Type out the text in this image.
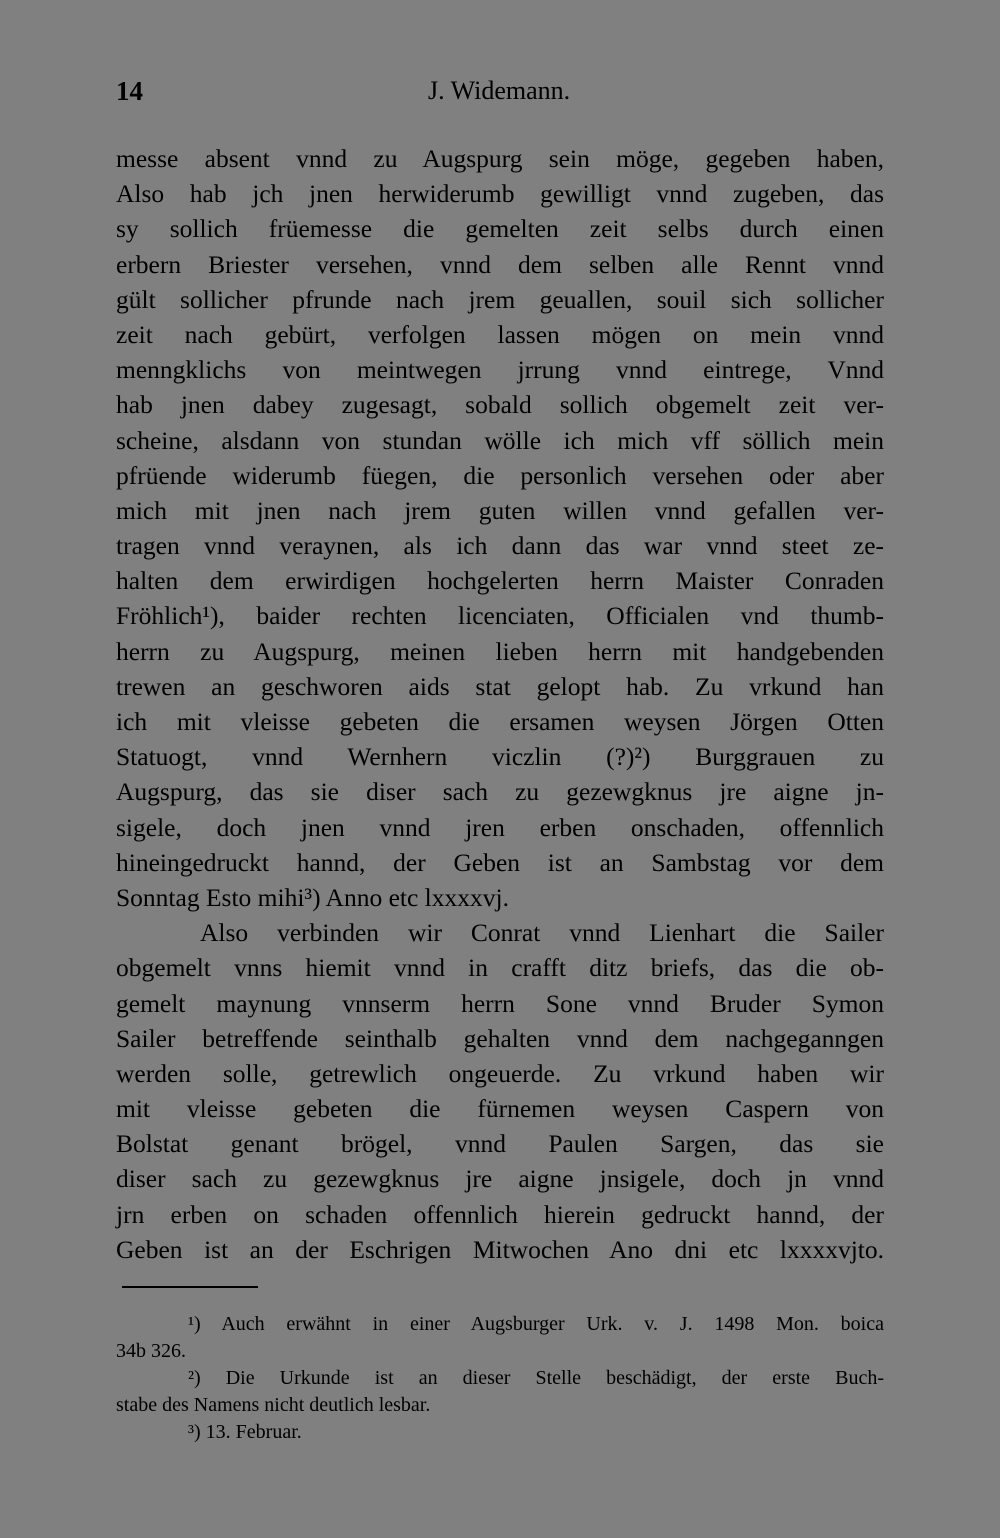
14	J. Widemann.
messe absent vnnd zu Augspurg sein möge, gegeben haben,
Also hab jch jnen herwiderumb gewilligt vnnd zugeben, das
sy sollich früemesse die gemelten zeit selbs durch einen
erbern Briester versehen, vnnd dem selben alle Rennt vnnd
gült sollicher pfrunde nach jrem geuallen, souil sich sollicher
zeit nach gebürt, verfolgen lassen mögen on mein vnnd
menngklichs von meintwegen jrrung vnnd eintrege, Vnnd
hab jnen dabey zugesagt, sobald sollich obgemelt zeit ver-
scheine, alsdann von stundan wölle ich mich vff söllich mein
pfrüende widerumb füegen, die personlich versehen oder aber
mich mit jnen nach jrem guten willen vnnd gefallen ver-
tragen vnnd veraynen, als ich dann das war vnnd steet ze-
halten dem erwirdigen hochgelerten herrn Maister Conraden
Fröhlich¹), baider rechten licenciaten, Officialen vnd thumb-
herrn zu Augspurg, meinen lieben herrn mit handgebenden
trewen an geschworen aids stat gelopt hab. Zu vrkund han
ich mit vleisse gebeten die ersamen weysen Jörgen Otten
Statuogt, vnnd Wernhern viczlin (?)²) Burggrauen zu
Augspurg, das sie diser sach zu gezewgknus jre aigne jn-
sigele, doch jnen vnnd jren erben onschaden, offennlich
hineingedruckt hannd, der Geben ist an Sambstag vor dem
Sonntag Esto mihi³) Anno etc lxxxxvj.
Also verbinden wir Conrat vnnd Lienhart die Sailer
obgemelt vnns hiemit vnnd in crafft ditz briefs, das die ob-
gemelt maynung vnnserm herrn Sone vnnd Bruder Symon
Sailer betreffende seinthalb gehalten vnnd dem nachgeganngen
werden solle, getrewlich ongeuerde. Zu vrkund haben wir
mit vleisse gebeten die fürnemen weysen Caspern von
Bolstat genant brögel, vnnd Paulen Sargen, das sie
diser sach zu gezewgknus jre aigne jnsigele, doch jn vnnd
jrn erben on schaden offennlich hierein gedruckt hannd, der
Geben ist an der Eschrigen Mitwochen Ano dni etc lxxxxvjto.
¹) Auch erwähnt in einer Augsburger Urk. v. J. 1498 Mon. boica
34b 326.
²) Die Urkunde ist an dieser Stelle beschädigt, der erste Buch-
stabe des Namens nicht deutlich lesbar.
³) 13. Februar.
